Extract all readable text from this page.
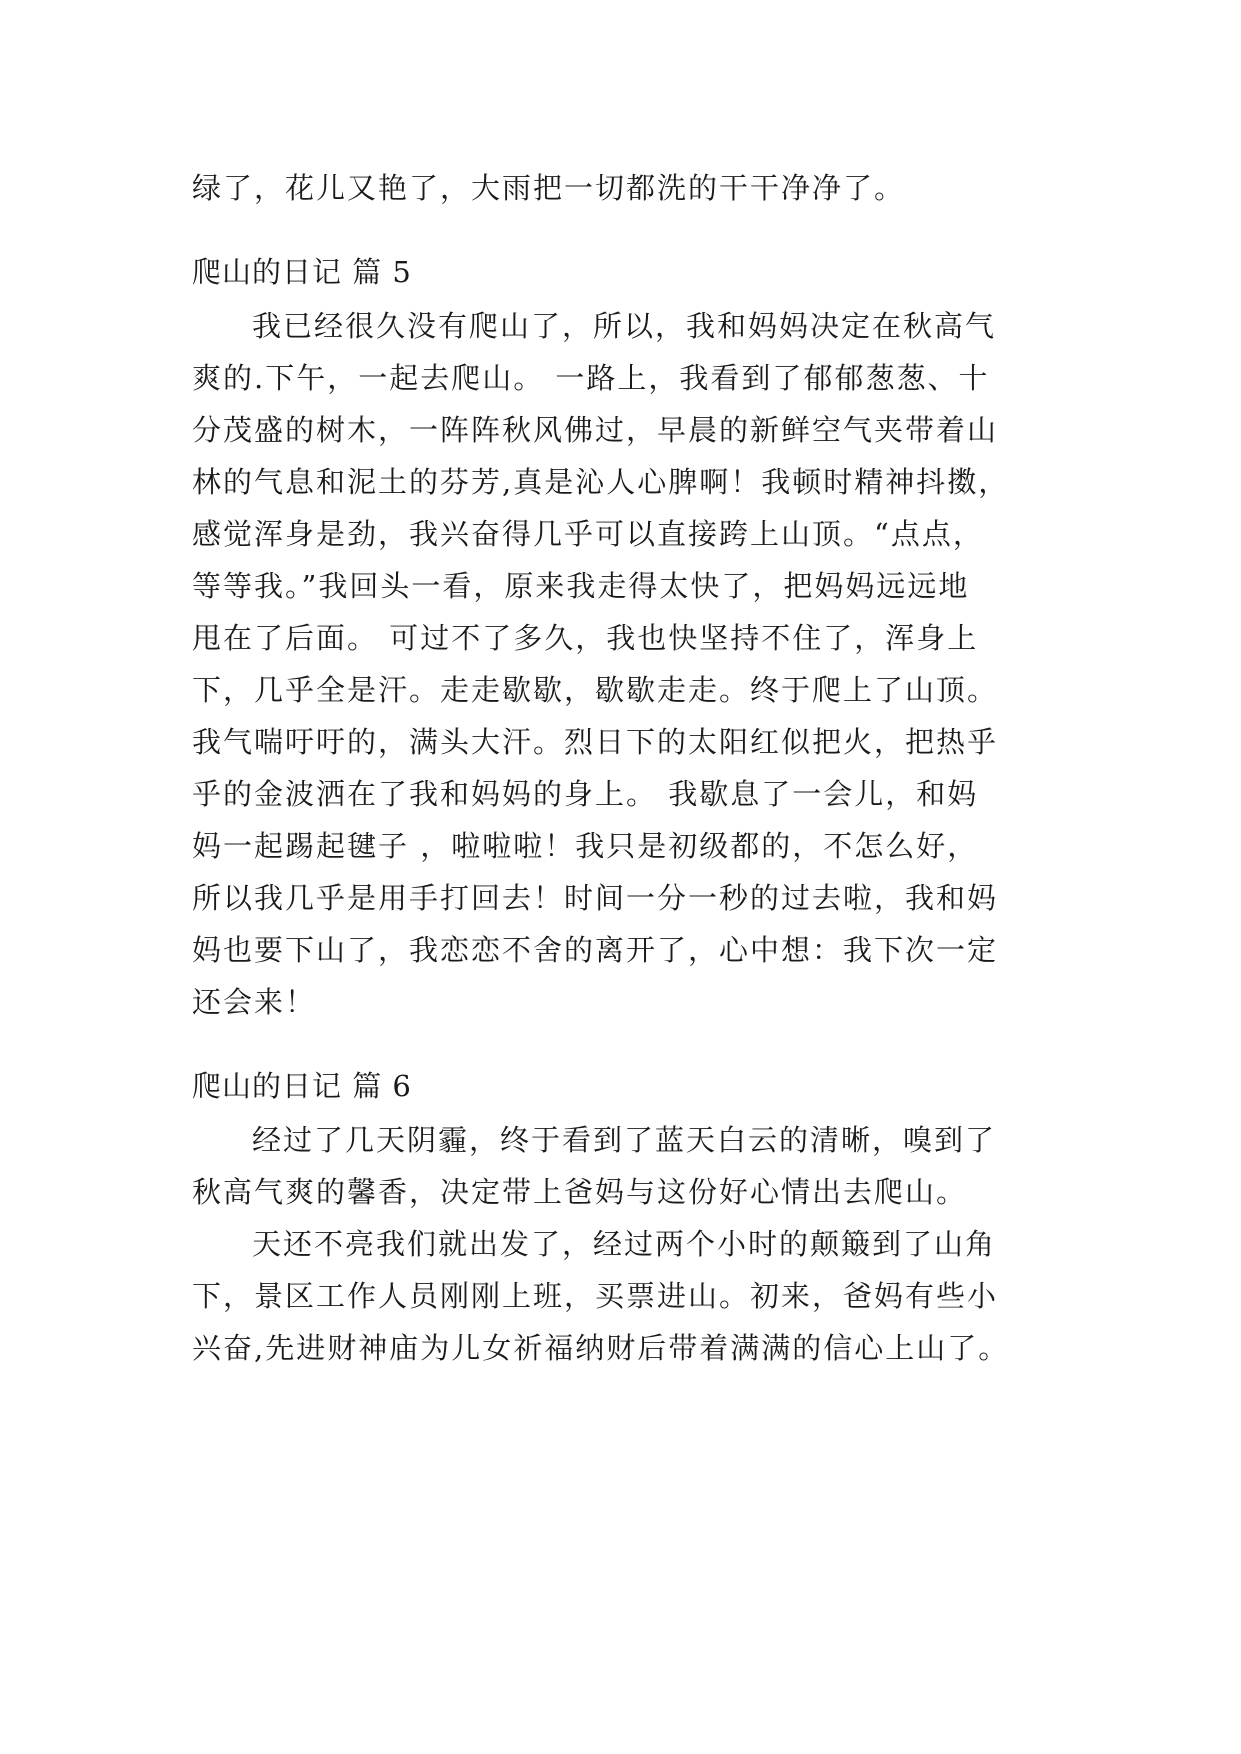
绿了，花儿又艳了，大雨把一切都洗的干干净净了。
爬山的日记 篇 5
我已经很久没有爬山了，所以，我和妈妈决定在秋高气
爽的.下午，一起去爬山。 一路上，我看到了郁郁葱葱、十
分茂盛的树木，一阵阵秋风佛过，早晨的新鲜空气夹带着山
林的气息和泥土的芬芳,真是沁人心脾啊！我顿时精神抖擞，
感觉浑身是劲，我兴奋得几乎可以直接跨上山顶。“点点，
等等我。”我回头一看，原来我走得太快了，把妈妈远远地
甩在了后面。 可过不了多久，我也快坚持不住了，浑身上
下，几乎全是汗。走走歇歇，歇歇走走。终于爬上了山顶。
我气喘吁吁的，满头大汗。烈日下的太阳红似把火，把热乎
乎的金波洒在了我和妈妈的身上。 我歇息了一会儿，和妈
妈一起踢起毽子 ，啦啦啦！我只是初级都的，不怎么好，
所以我几乎是用手打回去！时间一分一秒的过去啦，我和妈
妈也要下山了，我恋恋不舍的离开了，心中想：我下次一定
还会来！
爬山的日记 篇 6
经过了几天阴霾，终于看到了蓝天白云的清晰，嗅到了
秋高气爽的馨香，决定带上爸妈与这份好心情出去爬山。
天还不亮我们就出发了，经过两个小时的颠簸到了山角
下，景区工作人员刚刚上班，买票进山。初来，爸妈有些小
兴奋,先进财神庙为儿女祈福纳财后带着满满的信心上山了。
